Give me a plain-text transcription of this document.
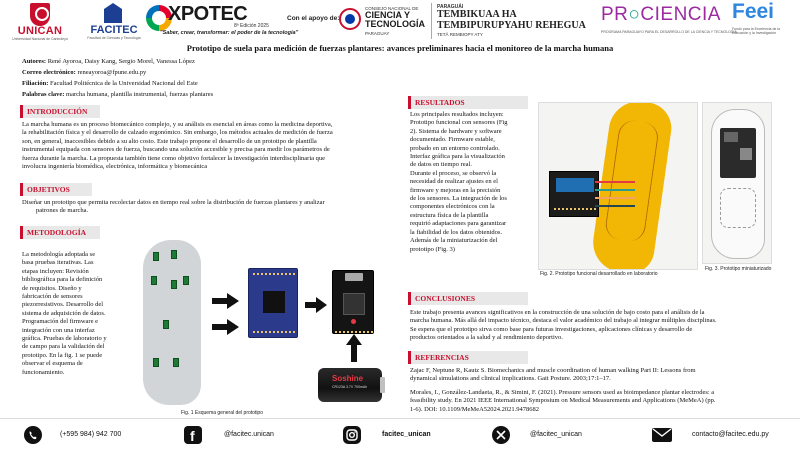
UNICAN
Universidad Nacional de Canindeyú
FACITEC
Facultad de Ciencias y Tecnología
XPOTEC
8ª Edición 2025
"Saber, crear, transformar: el poder de la tecnología"
Con el apoyo de:
CONSEJO NACIONAL DE
CIENCIA Y
TECNOLOGÍA
PARAGUAY
PARAGUÁI
TEMBIKUAA HA
TEMBIPURUPYAHU REHEGUA
TETÃ REMBIOPY ATY
PR○CIENCIA
PROGRAMA PARAGUAYO PARA EL DESARROLLO DE LA CIENCIA Y TECNOLOGÍA
Feei
Fondo para la Excelencia de la Educación y la Investigación
Prototipo de suela para medición de fuerzas plantares: avances preliminares hacia el monitoreo de la marcha humana
Autores: René Ayoroa, Daisy Kang, Sergio Morel, Vanessa López
Correo electrónico: reneayoroa@fpune.edu.py
Filiación: Facultad Politécnica de la Universidad Nacional del Este
Palabras clave: marcha humana, plantilla instrumental, fuerzas plantares
INTRODUCCIÓN
La marcha humana es un proceso biomecánico complejo, y su análisis es esencial en áreas como la medicina deportiva,
la rehabilitación física y el desarrollo de calzado ergonómico. Sin embargo, los métodos actuales de medición de fuerza
son, en general, inaccesibles debido a su alto costo. Este trabajo propone el desarrollo de un prototipo de plantilla
instrumental equipada con sensores de fuerza, buscando una solución accesible y precisa para medir los parámetros de
fuerza durante la marcha. La propuesta también tiene como objetivo fortalecer la investigación interdisciplinaria que
involucra ingeniería biomédica, electrónica, informática y biomecánica
OBJETIVOS
Diseñar un prototipo que permita recolectar datos en tiempo real sobre la distribución de fuerzas plantares y analizar
patrones de marcha.
METODOLOGÍA
La metodología adoptada se
basa pruebas iterativas. Las
etapas incluyen: Revisión
bibliográfica para la definición
de requisitos. Diseño y
fabricación de sensores
piezorresistivos. Desarrollo del
sistema de adquisición de datos.
Programación del firmware e
integración con una interfaz
gráfica. Pruebas de laboratorio y
de campo para la validación del
prototipo. En la fig. 1 se puede
observar el esquema de
funcionamiento.
Soshine
CR123A 3.7V 700mAh
Fig. 1 Esquema general del prototipo
RESULTADOS
Los principales resultados incluyen:
Prototipo funcional con sensores (Fig
2). Sistema de hardware y software
documentado. Firmware estable,
probado en un entorno controlado.
Interfaz gráfica para la visualización
de datos en tiempo real.
Durante el proceso, se observó la
necesidad de realizar ajustes en el
firmware y mejoras en la precisión
de los sensores. La integración de los
componentes electrónicos con la
estructura física de la plantilla
requirió adaptaciones para garantizar
la fiabilidad de los datos obtenidos.
Además de la miniaturización del
prototipo (Fig. 3)
Fig. 2. Prototipo funcional desarrollado en laboratorio
Fig. 3. Prototipo miniaturizado
CONCLUSIONES
Este trabajo presenta avances significativos en la construcción de una solución de bajo costo para el análisis de la
marcha humana. Más allá del impacto técnico, destaca el valor académico del trabajo al integrar múltiples disciplinas.
Se espera que el prototipo sirva como base para futuras investigaciones, aplicaciones clínicas y desarrollo de
productos orientados a la salud y al rendimiento deportivo.
REFERENCIAS
Zajac F, Neptune R, Kautz S. Biomechanics and muscle coordination of human walking Part II: Lessons from
dynamical simulations and clinical implications. Gait Posture. 2003;17:1–17.
Morales, I., González-Landaeta, R., & Simini, F. (2021). Pressure sensors used as bioimpedance plantar electrodes: a
feasibility study. En 2021 IEEE International Symposium on Medical Measurements and Applications (MeMeA) (pp.
1-6). DOI: 10.1109/MeMeA52024.2021.9478682
(+595 984) 942 700	f	@facitec.unican	facitec_unican	@facitec_unican	contacto@facitec.edu.py
